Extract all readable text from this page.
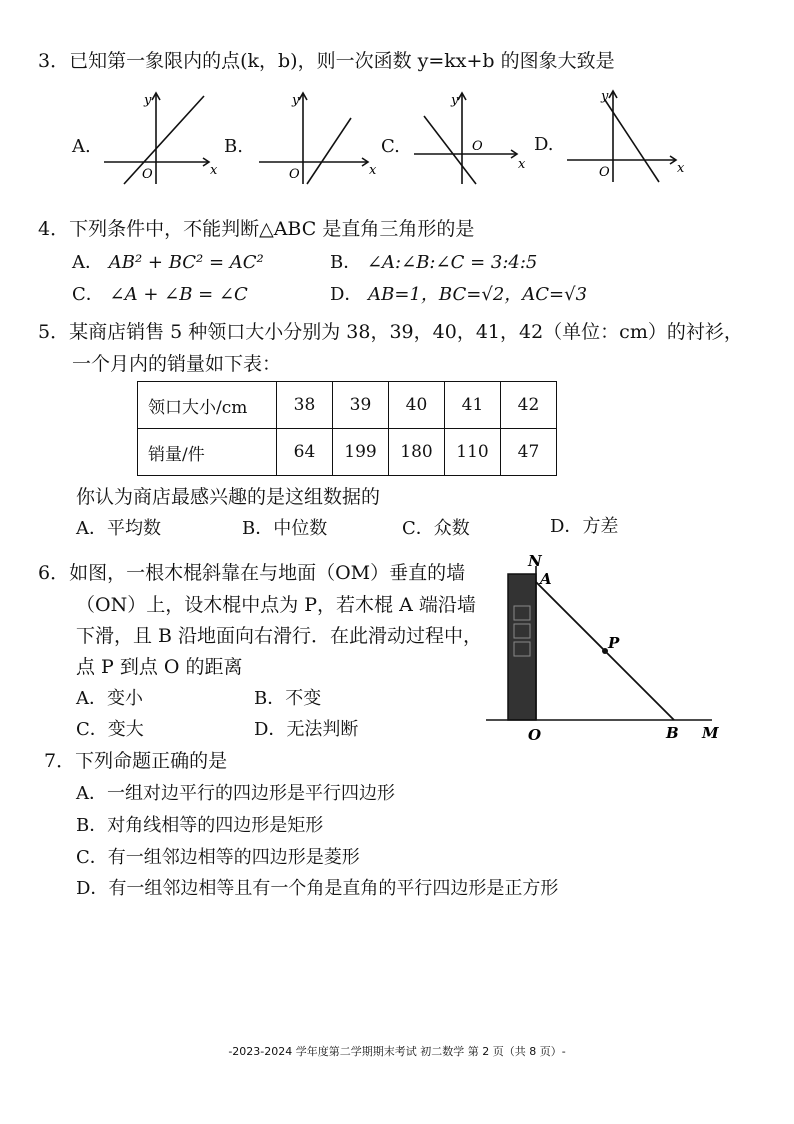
3．已知第一象限内的点(k，b)，则一次函数 y=kx+b 的图象大致是
A.	B.	C.	D.
x
y
O	x
y
O
x
y
O
x
y
O
4．下列条件中，不能判断△ABC 是直角三角形的是
A． AB² + BC² = AC²	B． ∠A:∠B:∠C = 3:4:5
C． ∠A + ∠B = ∠C	D． AB=1，BC=√2，AC=√3
5．某商店销售 5 种领口大小分别为 38，39，40，41，42（单位：cm）的衬衫，
一个月内的销量如下表：
领口大小/cm	38	39	40	41	42
销量/件	64	199	180	110	47
你认为商店最感兴趣的是这组数据的
A．平均数	B．中位数	C．众数	D．方差
6．如图，一根木棍斜靠在与地面（OM）垂直的墙
（ON）上，设木棍中点为 P，若木棍 A 端沿墙
下滑，且 B 沿地面向右滑行．在此滑动过程中，
点 P 到点 O 的距离
A．变小	B．不变
C．变大	D．无法判断
N
A
P
O	B M
7．下列命题正确的是
A．一组对边平行的四边形是平行四边形
B．对角线相等的四边形是矩形
C．有一组邻边相等的四边形是菱形
D．有一组邻边相等且有一个角是直角的平行四边形是正方形
-2023-2024 学年度第二学期期末考试 初二数学 第 2 页（共 8 页）-
